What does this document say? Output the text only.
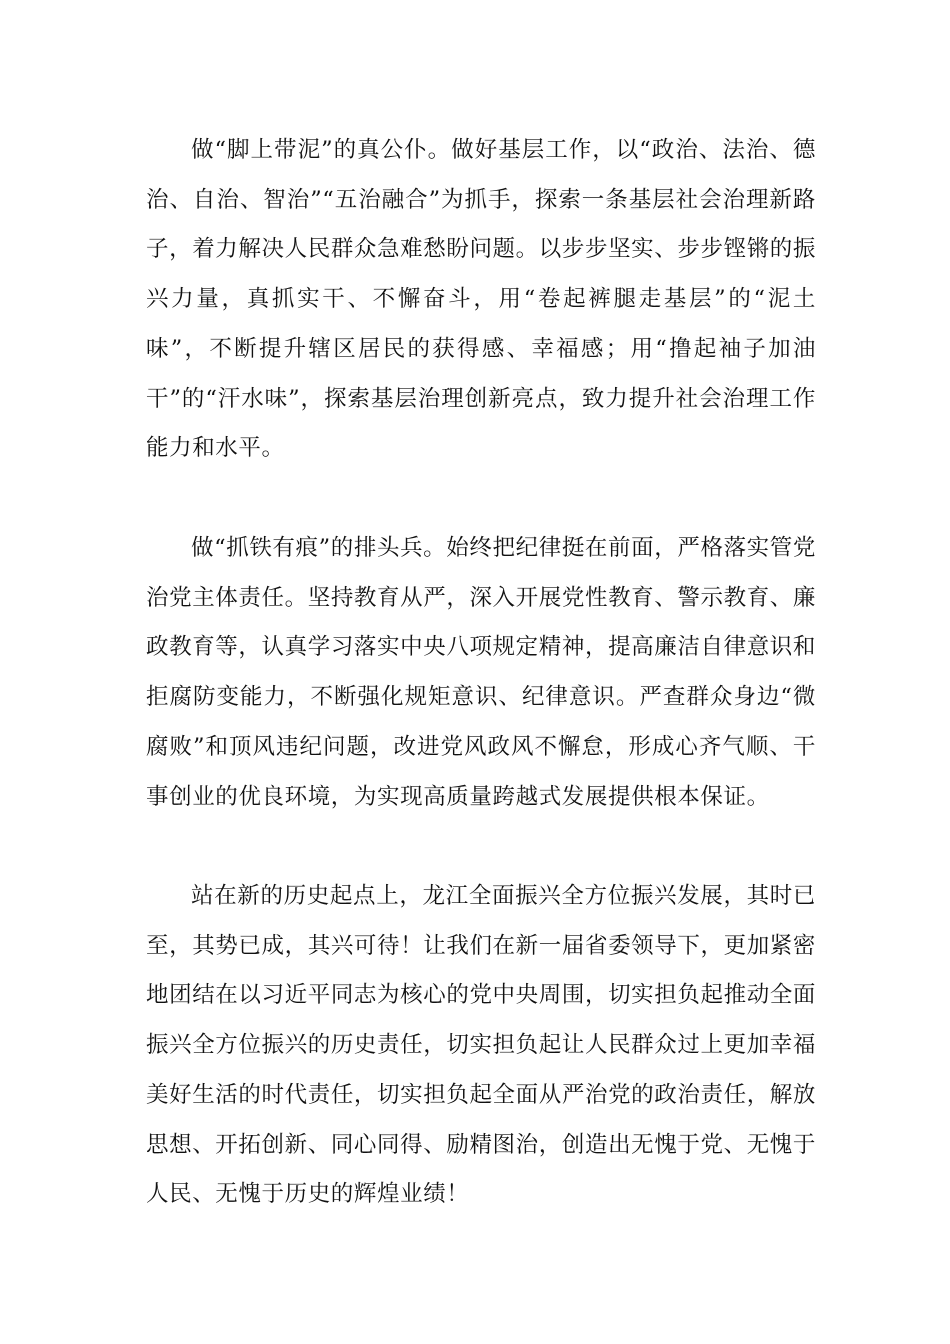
做“脚上带泥”的真公仆。做好基层工作，以“政治、法治、德治、自治、智治”“五治融合”为抓手，探索一条基层社会治理新路子，着力解决人民群众急难愁盼问题。以步步坚实、步步铿锵的振兴力量，真抓实干、不懈奋斗，用“卷起裤腿走基层”的“泥土味”，不断提升辖区居民的获得感、幸福感；用“撸起袖子加油干”的“汗水味”，探索基层治理创新亮点，致力提升社会治理工作能力和水平。

做“抓铁有痕”的排头兵。始终把纪律挺在前面，严格落实管党治党主体责任。坚持教育从严，深入开展党性教育、警示教育、廉政教育等，认真学习落实中央八项规定精神，提高廉洁自律意识和拒腐防变能力，不断强化规矩意识、纪律意识。严查群众身边“微腐败”和顶风违纪问题，改进党风政风不懈怠，形成心齐气顺、干事创业的优良环境，为实现高质量跨越式发展提供根本保证。

站在新的历史起点上，龙江全面振兴全方位振兴发展，其时已至，其势已成，其兴可待！让我们在新一届省委领导下，更加紧密地团结在以习近平同志为核心的党中央周围，切实担负起推动全面振兴全方位振兴的历史责任，切实担负起让人民群众过上更加幸福美好生活的时代责任，切实担负起全面从严治党的政治责任，解放思想、开拓创新、同心同得、励精图治，创造出无愧于党、无愧于人民、无愧于历史的辉煌业绩！
